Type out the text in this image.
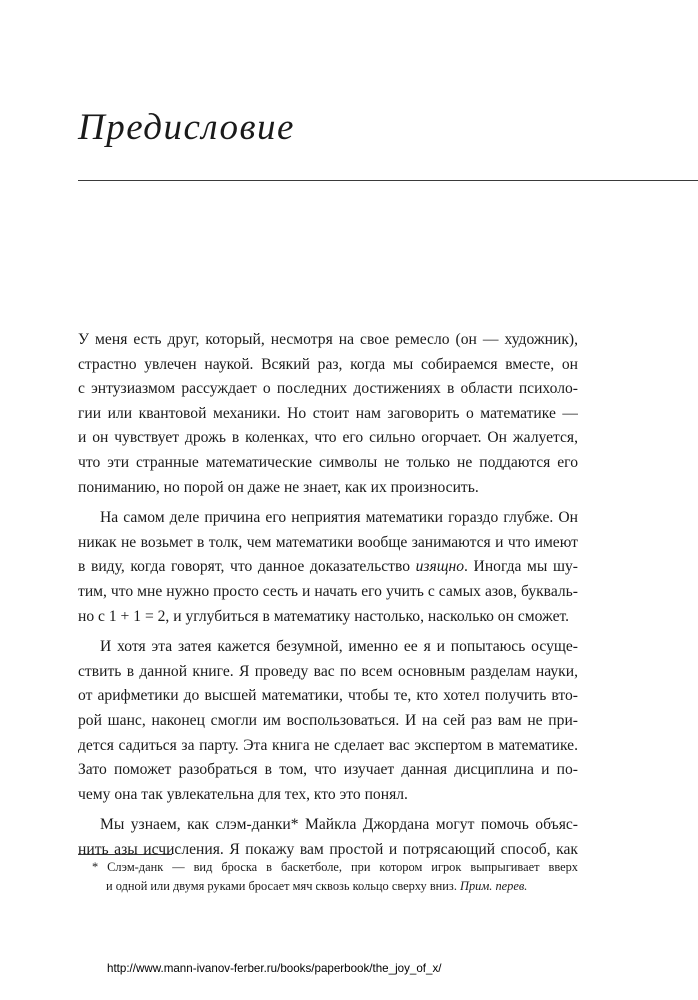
Предисловие
У меня есть друг, который, несмотря на свое ремесло (он — художник),
страстно увлечен наукой. Всякий раз, когда мы собираемся вместе, он
с энтузиазмом рассуждает о последних достижениях в области психоло-
гии или квантовой механики. Но стоит нам заговорить о математике —
и он чувствует дрожь в коленках, что его сильно огорчает. Он жалуется,
что эти странные математические символы не только не поддаются его
пониманию, но порой он даже не знает, как их произносить.
На самом деле причина его неприятия математики гораздо глубже. Он
никак не возьмет в толк, чем математики вообще занимаются и что имеют
в виду, когда говорят, что данное доказательство изящно. Иногда мы шу-
тим, что мне нужно просто сесть и начать его учить с самых азов, букваль-
но с 1 + 1 = 2, и углубиться в математику настолько, насколько он сможет.
И хотя эта затея кажется безумной, именно ее я и попытаюсь осуще-
ствить в данной книге. Я проведу вас по всем основным разделам науки,
от арифметики до высшей математики, чтобы те, кто хотел получить вто-
рой шанс, наконец смогли им воспользоваться. И на сей раз вам не при-
дется садиться за парту. Эта книга не сделает вас экспертом в математике.
Зато поможет разобраться в том, что изучает данная дисциплина и по-
чему она так увлекательна для тех, кто это понял.
Мы узнаем, как слэм-данки* Майкла Джордана могут помочь объяс-
нить азы исчисления. Я покажу вам простой и потрясающий способ, как
* Слэм-данк — вид броска в баскетболе, при котором игрок выпрыгивает вверх
и одной или двумя руками бросает мяч сквозь кольцо сверху вниз. Прим. перев.
http://www.mann-ivanov-ferber.ru/books/paperbook/the_joy_of_x/
